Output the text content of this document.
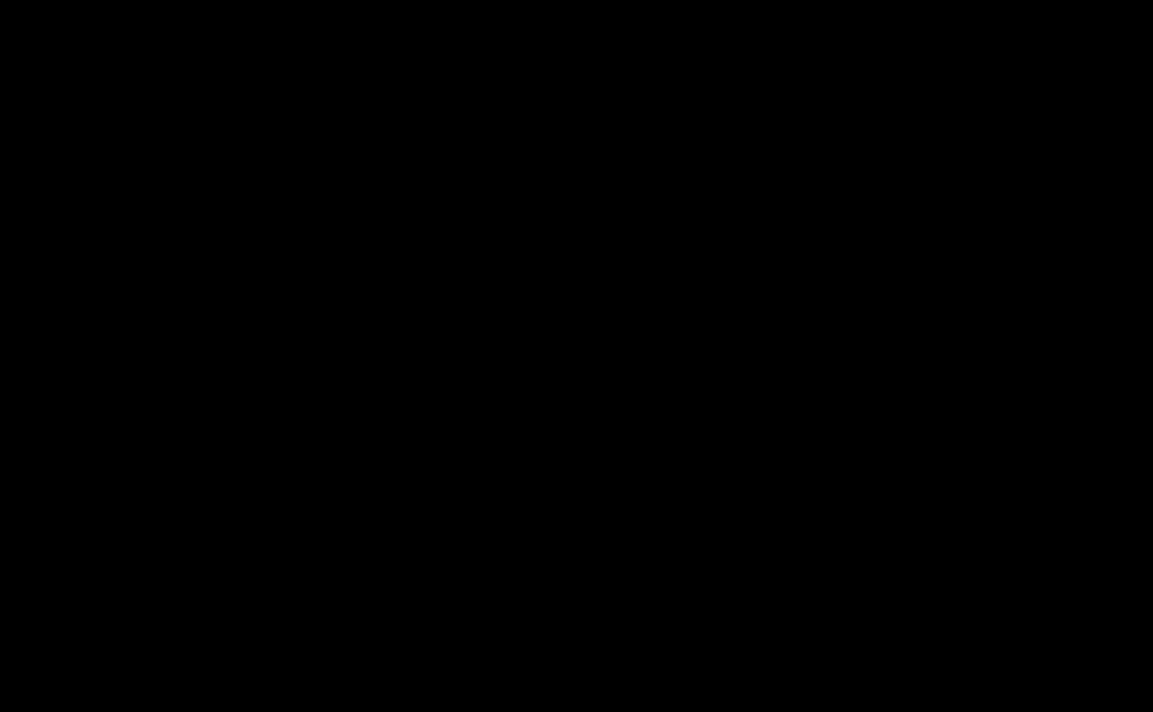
负责片区	联系人	手机	咨询时间	咨询地点
哈尔滨市、伊春市、黑河市、大兴安岭地区	张老师	15701293557	6月24日 7月3日	哈尔滨师范大学附属中学、黑龙江省实验中学（6月24日） 哈尔滨工业大学、哈尔滨市第三中学群力校区（6月25日） 哈尔滨工程大学、哈尔滨市第九中学、哈尔滨市第六中学（6月26日）
	陈老师	15701626837	6月24日 7月3日	
	唐老师	17801657451	6月24日 7月3日	
	翠老师	17812595483	6月24日 7月3日	
	单老师	17801152452	6月24日 7月3日	
	刘老师	17801144807	6月24日 7月3日	
	吴老师	17810655412	6月24日 7月3日	
大庆市、绥化市	王老师	17801134871	6月24日 7月3日	黑龙江八一农垦大学、大庆实验中学、大庆外国语中学、大庆铁人中学（6月25日） 大庆第一中学（6月27日）
	文老师	17812554423	6月24日 7月3日	
	胡老师	17801274201	6月24日 7月3日	
	马老师	17810654927	6月24日 7月3日	
齐齐哈尔市	王老师	18201410497	6月24日 7月3日	齐齐哈尔中学（6月24日）、齐齐哈尔市实验中学（6月25日）
牡丹江市、鸡西市、七台河市	余老师	15701375015	6月24日 7月3日	牡丹江市第一高级中学（6月25日）
	白老师	17801574202	6月24日 7月3日	
佳木斯市	刘老师	17810676470	6月24日 7月3日	佳木斯市第一中学第二校区（6月24日）
鹤岗市、双鸭山市	孙老师	17010644453	6月23日 7月3日	鹤岗市第一中学（6月23日）
